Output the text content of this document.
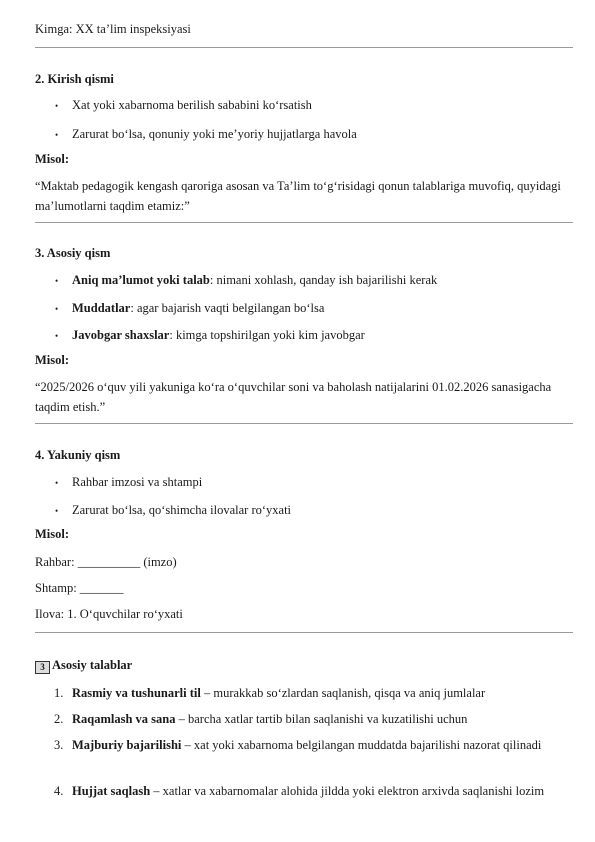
Kimga: XX ta’lim inspeksiyasi
2. Kirish qismi
• Xat yoki xabarnoma berilish sababini ko‘rsatish
• Zarurat bo‘lsa, qonuniy yoki me’yoriy hujjatlarga havola
Misol:
“Maktab pedagogik kengash qaroriga asosan va Ta’lim to‘g‘risidagi qonun talablariga muvofiq, quyidagi ma’lumotlarni taqdim etamiz:”
3. Asosiy qism
• Aniq ma’lumot yoki talab: nimani xohlash, qanday ish bajarilishi kerak
• Muddatlar: agar bajarish vaqti belgilangan bo‘lsa
• Javobgar shaxslar: kimga topshirilgan yoki kim javobgar
Misol:
“2025/2026 o‘quv yili yakuniga ko‘ra o‘quvchilar soni va baholash natijalarini 01.02.2026 sanasigacha taqdim etish.”
4. Yakuniy qism
• Rahbar imzosi va shtampi
• Zarurat bo‘lsa, qo‘shimcha ilovalar ro‘yxati
Misol:
Rahbar: __________ (imzo)
Shtamp: _______
Ilova: 1. O‘quvchilar ro‘yxati
3 Asosiy talablar
1. Rasmiy va tushunarli til – murakkab so‘zlardan saqlanish, qisqa va aniq jumlalar
2. Raqamlash va sana – barcha xatlar tartib bilan saqlanishi va kuzatilishi uchun
3. Majburiy bajarilishi – xat yoki xabarnoma belgilangan muddatda bajarilishi nazorat qilinadi
4. Hujjat saqlash – xatlar va xabarnomalar alohida jildda yoki elektron arxivda saqlanishi lozim
